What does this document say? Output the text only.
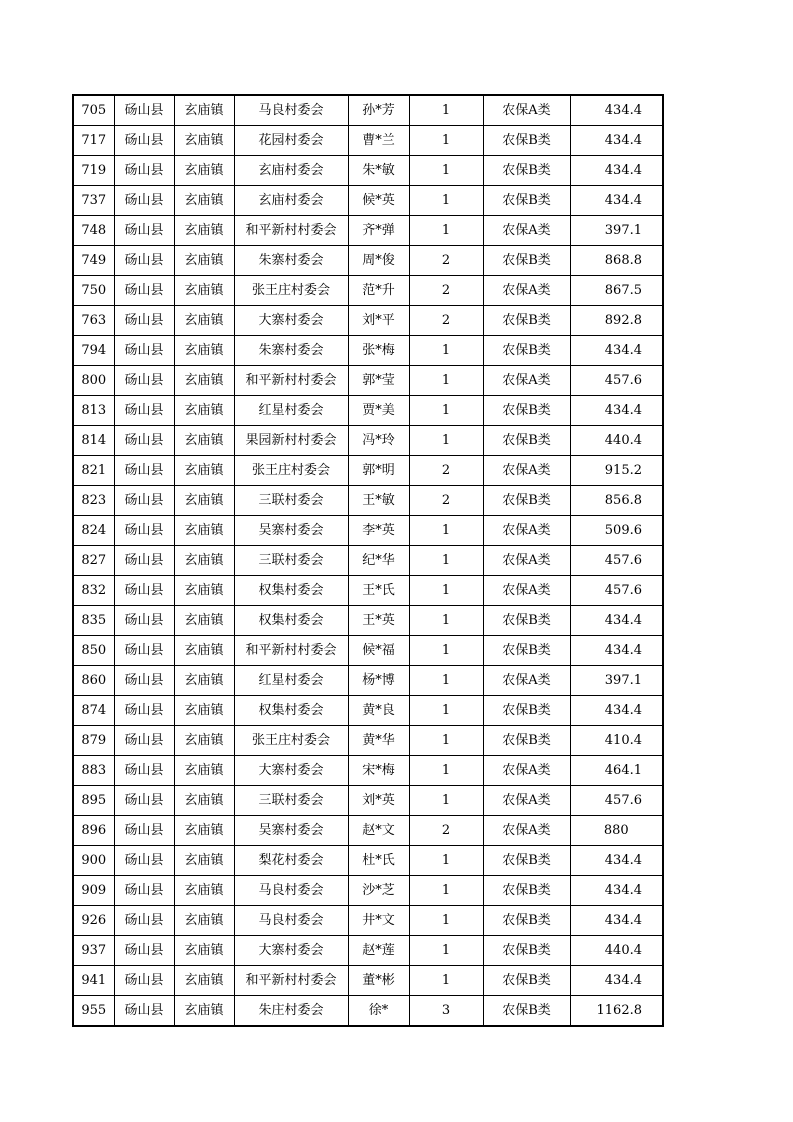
705	砀山县	玄庙镇	马良村委会	孙*芳	1	农保A类	434.4
717	砀山县	玄庙镇	花园村委会	曹*兰	1	农保B类	434.4
719	砀山县	玄庙镇	玄庙村委会	朱*敏	1	农保B类	434.4
737	砀山县	玄庙镇	玄庙村委会	候*英	1	农保B类	434.4
748	砀山县	玄庙镇	和平新村村委会	齐*弹	1	农保A类	397.1
749	砀山县	玄庙镇	朱寨村委会	周*俊	2	农保B类	868.8
750	砀山县	玄庙镇	张王庄村委会	范*升	2	农保A类	867.5
763	砀山县	玄庙镇	大寨村委会	刘*平	2	农保B类	892.8
794	砀山县	玄庙镇	朱寨村委会	张*梅	1	农保B类	434.4
800	砀山县	玄庙镇	和平新村村委会	郭*莹	1	农保A类	457.6
813	砀山县	玄庙镇	红星村委会	贾*美	1	农保B类	434.4
814	砀山县	玄庙镇	果园新村村委会	冯*玲	1	农保B类	440.4
821	砀山县	玄庙镇	张王庄村委会	郭*明	2	农保A类	915.2
823	砀山县	玄庙镇	三联村委会	王*敏	2	农保B类	856.8
824	砀山县	玄庙镇	吴寨村委会	李*英	1	农保A类	509.6
827	砀山县	玄庙镇	三联村委会	纪*华	1	农保A类	457.6
832	砀山县	玄庙镇	权集村委会	王*氏	1	农保A类	457.6
835	砀山县	玄庙镇	权集村委会	王*英	1	农保B类	434.4
850	砀山县	玄庙镇	和平新村村委会	候*福	1	农保B类	434.4
860	砀山县	玄庙镇	红星村委会	杨*博	1	农保A类	397.1
874	砀山县	玄庙镇	权集村委会	黄*良	1	农保B类	434.4
879	砀山县	玄庙镇	张王庄村委会	黄*华	1	农保B类	410.4
883	砀山县	玄庙镇	大寨村委会	宋*梅	1	农保A类	464.1
895	砀山县	玄庙镇	三联村委会	刘*英	1	农保A类	457.6
896	砀山县	玄庙镇	吴寨村委会	赵*文	2	农保A类	880
900	砀山县	玄庙镇	梨花村委会	杜*氏	1	农保B类	434.4
909	砀山县	玄庙镇	马良村委会	沙*芝	1	农保B类	434.4
926	砀山县	玄庙镇	马良村委会	井*文	1	农保B类	434.4
937	砀山县	玄庙镇	大寨村委会	赵*莲	1	农保B类	440.4
941	砀山县	玄庙镇	和平新村村委会	董*彬	1	农保B类	434.4
955	砀山县	玄庙镇	朱庄村委会	徐*	3	农保B类	1162.8
